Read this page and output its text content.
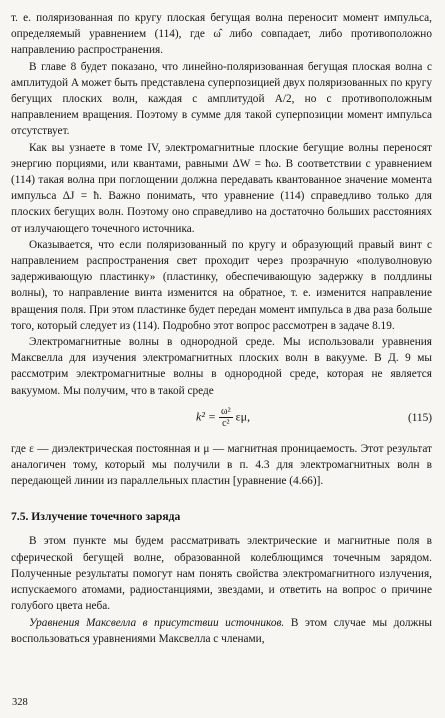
т. е. поляризованная по кругу плоская бегущая волна переносит момент импульса, определяемый уравнением (114), где ω̂ либо совпадает, либо противоположно направлению распространения.

В главе 8 будет показано, что линейно-поляризованная бегущая плоская волна с амплитудой A может быть представлена суперпозицией двух поляризованных по кругу бегущих плоских волн, каждая с амплитудой A/2, но с противоположным направлением вращения. Поэтому в сумме для такой суперпозиции момент импульса отсутствует.

Как вы узнаете в томе IV, электромагнитные плоские бегущие волны переносят энергию порциями, или квантами, равными ΔW = ħω. В соответствии с уравнением (114) такая волна при поглощении должна передавать квантованное значение момента импульса ΔJ = ħ. Важно понимать, что уравнение (114) справедливо только для плоских бегущих волн. Поэтому оно справедливо на достаточно больших расстояниях от излучающего точечного источника.

Оказывается, что если поляризованный по кругу и образующий правый винт с направлением распространения свет проходит через прозрачную «полуволновую задерживающую пластинку» (пластинку, обеспечивающую задержку в полдлины волны), то направление винта изменится на обратное, т. е. изменится направление вращения поля. При этом пластинке будет передан момент импульса в два раза больше того, который следует из (114). Подробно этот вопрос рассмотрен в задаче 8.19.

Электромагнитные волны в однородной среде. Мы использовали уравнения Максвелла для изучения электромагнитных плоских волн в вакууме. В Д. 9 мы рассмотрим электромагнитные волны в однородной среде, которая не является вакуумом. Мы получим, что в такой среде

$k^2 = \frac{\text{ω²}}{\text{c²}} \varepsilon\mu$,	(115)

где ε — диэлектрическая постоянная и μ — магнитная проницаемость. Этот результат аналогичен тому, который мы получили в п. 4.3 для электромагнитных волн в передающей линии из параллельных пластин [уравнение (4.66)].

7.5. Излучение точечного заряда

В этом пункте мы будем рассматривать электрические и магнитные поля в сферической бегущей волне, образованной колеблющимся точечным зарядом. Полученные результаты помогут нам понять свойства электромагнитного излучения, испускаемого атомами, радиостанциями, звездами, и ответить на вопрос о причине голубого цвета неба.

Уравнения Максвелла в присутствии источников. В этом случае мы должны воспользоваться уравнениями Максвелла с членами,

328
